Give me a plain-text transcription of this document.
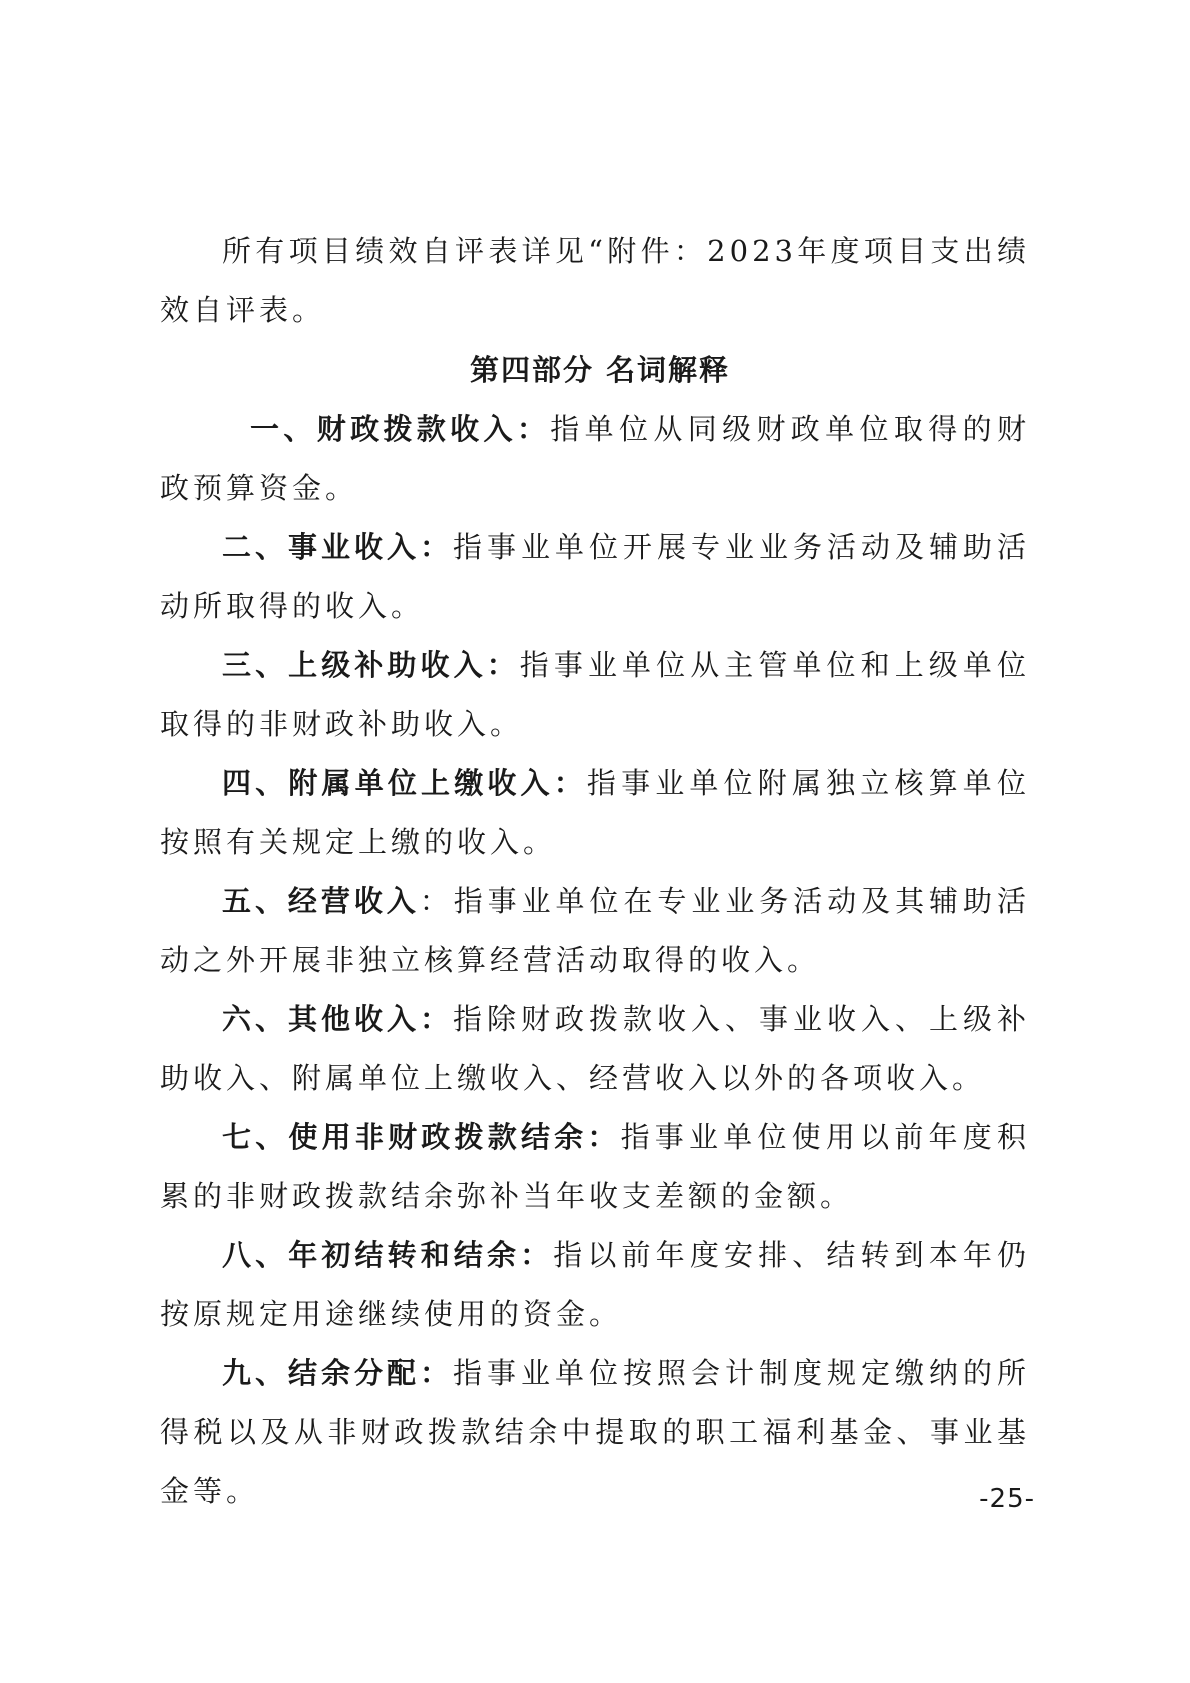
所有项目绩效自评表详见“附件：2023年度项目支出绩效自评表。

第四部分 名词解释

一、财政拨款收入：指单位从同级财政单位取得的财政预算资金。

二、事业收入：指事业单位开展专业业务活动及辅助活动所取得的收入。

三、上级补助收入：指事业单位从主管单位和上级单位取得的非财政补助收入。

四、附属单位上缴收入：指事业单位附属独立核算单位按照有关规定上缴的收入。

五、经营收入：指事业单位在专业业务活动及其辅助活动之外开展非独立核算经营活动取得的收入。

六、其他收入：指除财政拨款收入、事业收入、上级补助收入、附属单位上缴收入、经营收入以外的各项收入。

七、使用非财政拨款结余：指事业单位使用以前年度积累的非财政拨款结余弥补当年收支差额的金额。

八、年初结转和结余：指以前年度安排、结转到本年仍按原规定用途继续使用的资金。

九、结余分配：指事业单位按照会计制度规定缴纳的所得税以及从非财政拨款结余中提取的职工福利基金、事业基金等。	-25-
